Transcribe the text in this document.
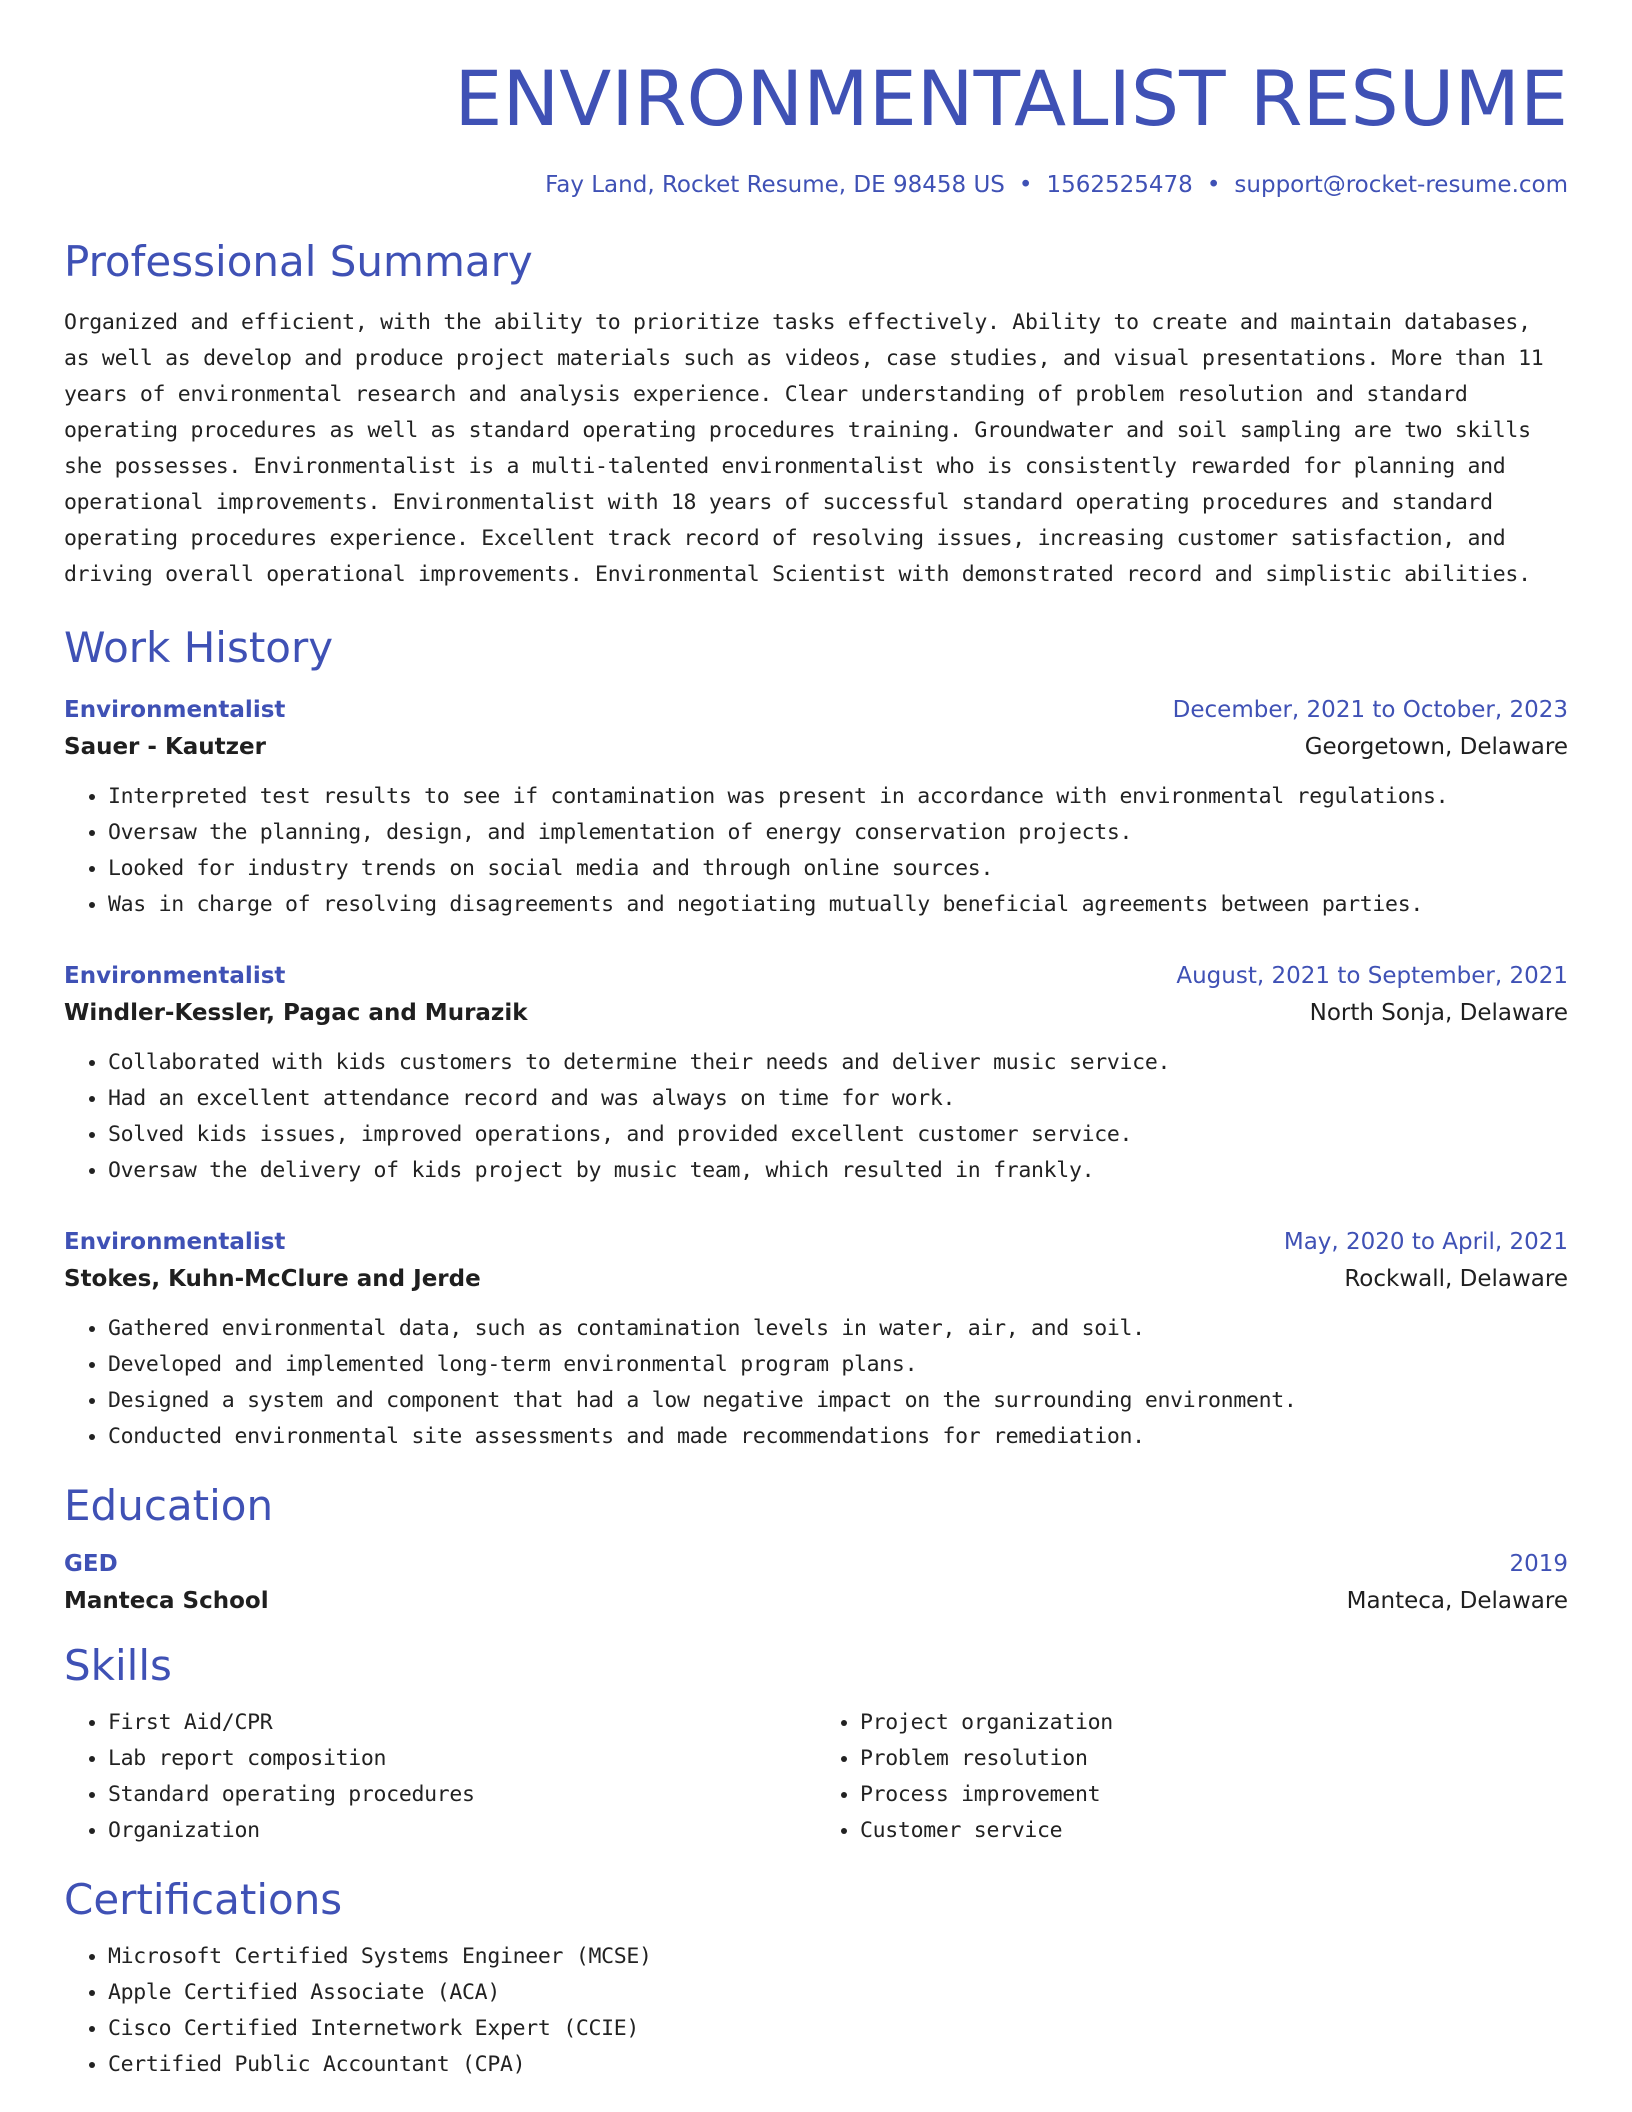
ENVIRONMENTALIST RESUME
Fay Land, Rocket Resume, DE 98458 US • 1562525478 • support@rocket-resume.com
Professional Summary
Organized and efficient, with the ability to prioritize tasks effectively. Ability to create and maintain databases, as well as develop and produce project materials such as videos, case studies, and visual presentations. More than 11 years of environmental research and analysis experience. Clear understanding of problem resolution and standard operating procedures as well as standard operating procedures training. Groundwater and soil sampling are two skills she possesses. Environmentalist is a multi-talented environmentalist who is consistently rewarded for planning and operational improvements. Environmentalist with 18 years of successful standard operating procedures and standard operating procedures experience. Excellent track record of resolving issues, increasing customer satisfaction, and driving overall operational improvements. Environmental Scientist with demonstrated record and simplistic abilities.
Work History
Environmentalist	December, 2021 to October, 2023
Sauer - Kautzer	Georgetown, Delaware
• Interpreted test results to see if contamination was present in accordance with environmental regulations.
• Oversaw the planning, design, and implementation of energy conservation projects.
• Looked for industry trends on social media and through online sources.
• Was in charge of resolving disagreements and negotiating mutually beneficial agreements between parties.
Environmentalist	August, 2021 to September, 2021
Windler-Kessler, Pagac and Murazik	North Sonja, Delaware
• Collaborated with kids customers to determine their needs and deliver music service.
• Had an excellent attendance record and was always on time for work.
• Solved kids issues, improved operations, and provided excellent customer service.
• Oversaw the delivery of kids project by music team, which resulted in frankly.
Environmentalist	May, 2020 to April, 2021
Stokes, Kuhn-McClure and Jerde	Rockwall, Delaware
• Gathered environmental data, such as contamination levels in water, air, and soil.
• Developed and implemented long-term environmental program plans.
• Designed a system and component that had a low negative impact on the surrounding environment.
• Conducted environmental site assessments and made recommendations for remediation.
Education
GED	2019
Manteca School	Manteca, Delaware
Skills
• First Aid/CPR
• Lab report composition
• Standard operating procedures
• Organization
• Project organization
• Problem resolution
• Process improvement
• Customer service
Certifications
• Microsoft Certified Systems Engineer (MCSE)
• Apple Certified Associate (ACA)
• Cisco Certified Internetwork Expert (CCIE)
• Certified Public Accountant (CPA)
